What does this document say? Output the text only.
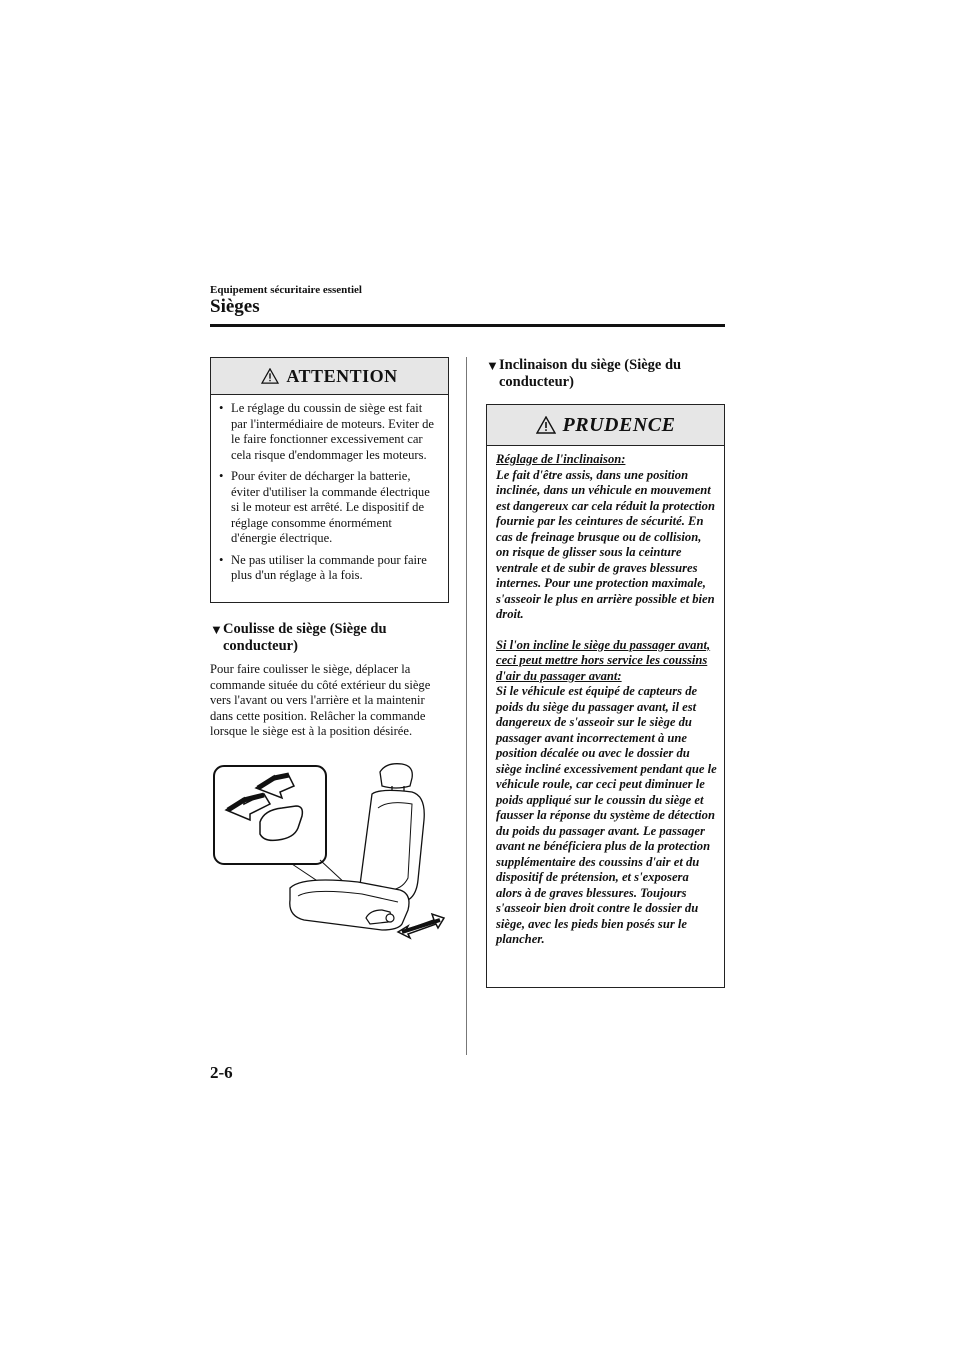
Equipement sécuritaire essentiel
Sièges
ATTENTION
• Le réglage du coussin de siège est fait par l'intermédiaire de moteurs. Eviter de le faire fonctionner excessivement car cela risque d'endommager les moteurs.
• Pour éviter de décharger la batterie, éviter d'utiliser la commande électrique si le moteur est arrêté. Le dispositif de réglage consomme énormément d'énergie électrique.
• Ne pas utiliser la commande pour faire plus d'un réglage à la fois.
▼ Coulisse de siège (Siège du
conducteur)
Pour faire coulisser le siège, déplacer la commande située du côté extérieur du siège vers l'avant ou vers l'arrière et la maintenir dans cette position. Relâcher la commande lorsque le siège est à la position désirée.
▼ Inclinaison du siège (Siège du
conducteur)
PRUDENCE

Réglage de l'inclinaison:

Le fait d'être assis, dans une position inclinée, dans un véhicule en mouvement est dangereux car cela réduit la protection fournie par les ceintures de sécurité. En cas de freinage brusque ou de collision, on risque de glisser sous la ceinture ventrale et de subir de graves blessures internes. Pour une protection maximale, s'asseoir le plus en arrière possible et bien droit.

Si l'on incline le siège du passager avant, ceci peut mettre hors service les coussins d'air du passager avant:

Si le véhicule est équipé de capteurs de poids du siège du passager avant, il est dangereux de s'asseoir sur le siège du passager avant incorrectement à une position décalée ou avec le dossier du siège incliné excessivement pendant que le véhicule roule, car ceci peut diminuer le poids appliqué sur le coussin du siège et fausser la réponse du système de détection du poids du passager avant. Le passager avant ne bénéficiera plus de la protection supplémentaire des coussins d'air et du dispositif de prétension, et s'exposera alors à de graves blessures. Toujours s'asseoir bien droit contre le dossier du siège, avec les pieds bien posés sur le plancher.

2-6
